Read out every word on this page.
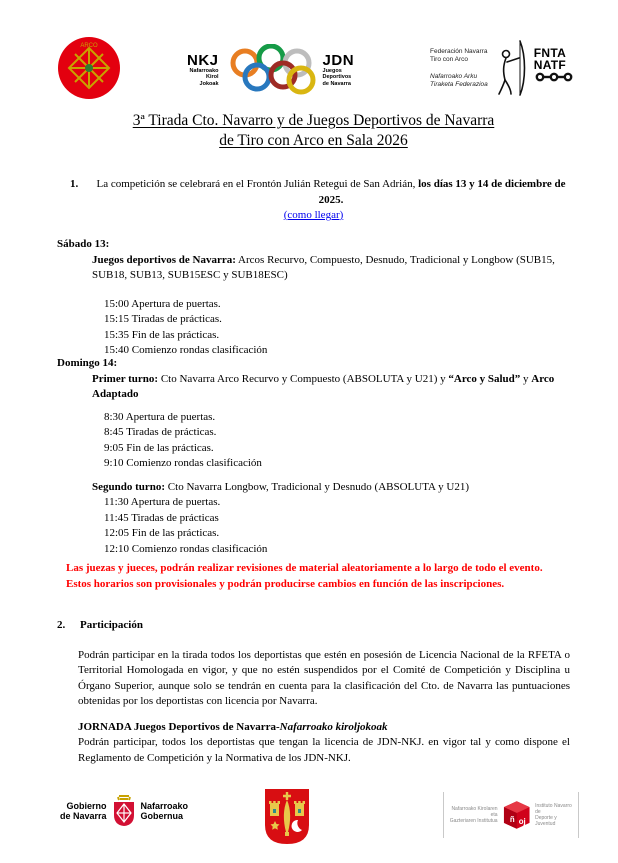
ARCO
NKJ
Nafarroako
Kirol
Jokoak
JDN
Juegos
Deportivos
de Navarra
Federación Navarra
Tiro con Arco
Nafarroako Arku
Tiraketa Federazioa
FNTA
NATF
3ª Tirada Cto. Navarro y de Juegos Deportivos de Navarra
de Tiro con Arco en Sala 2026
1.	La competición se celebrará en el Frontón Julián Retegui de San Adrián, los días 13 y 14 de diciembre de 2025.
(como llegar)
Sábado 13:

Juegos deportivos de Navarra: Arcos Recurvo, Compuesto, Desnudo, Tradicional y Longbow (SUB15, SUB18, SUB13, SUB15ESC y SUB18ESC)

15:00 Apertura de puertas.
15:15 Tiradas de prácticas.
15:35 Fin de las prácticas.
15:40 Comienzo rondas clasificación
Domingo 14:

Primer turno: Cto Navarra Arco Recurvo y Compuesto (ABSOLUTA y U21) y “Arco y Salud” y Arco Adaptado

8:30 Apertura de puertas.
8:45 Tiradas de prácticas.
9:05 Fin de las prácticas.
9:10 Comienzo rondas clasificación

Segundo turno: Cto Navarra Longbow, Tradicional y Desnudo (ABSOLUTA y U21)

11:30 Apertura de puertas.
11:45 Tiradas de prácticas
12:05 Fin de las prácticas.
12:10 Comienzo rondas clasificación

Las juezas y jueces, podrán realizar revisiones de material aleatoriamente a lo largo de todo el evento.

Estos horarios son provisionales y podrán producirse cambios en función de las inscripciones.

2. Participación

Podrán participar en la tirada todos los deportistas que estén en posesión de Licencia Nacional de la RFETA o Territorial Homologada en vigor, y que no estén suspendidos por el Comité de Competición y Disciplina u Órgano Superior, aunque solo se tendrán en cuenta para la clasificación del Cto. de Navarra las puntuaciones obtenidas por los deportistas con licencia por Navarra.

JORNADA Juegos Deportivos de Navarra-Nafarroako kiroljokoak
Podrán participar, todos los deportistas que tengan la licencia de JDN-NKJ. en vigor tal y como dispone el Reglamento de Competición y la Normativa de los JDN-NKJ.
Gobierno
de Navarra
Nafarroako
Gobernua
Nafarroako Kirolaren eta
Gazteriaren Institutua ñ oj
Instituto Navarro de
Deporte y Juventud
